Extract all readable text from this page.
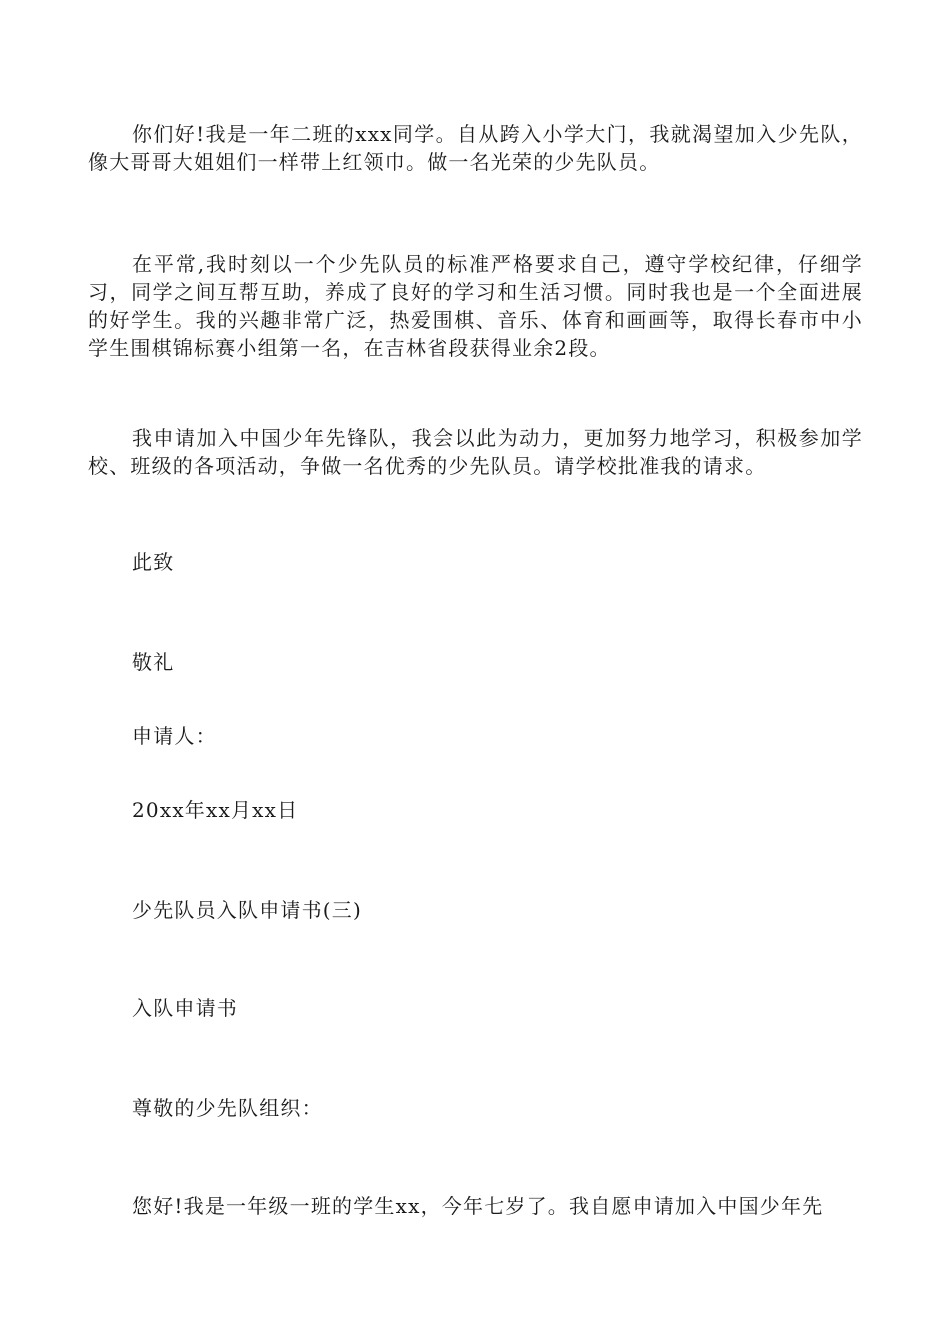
你们好!我是一年二班的xxx同学。自从跨入小学大门，我就渴望加入少先队，像大哥哥大姐姐们一样带上红领巾。做一名光荣的少先队员。

在平常,我时刻以一个少先队员的标准严格要求自己，遵守学校纪律，仔细学习，同学之间互帮互助，养成了良好的学习和生活习惯。同时我也是一个全面进展的好学生。我的兴趣非常广泛，热爱围棋、音乐、体育和画画等，取得长春市中小学生围棋锦标赛小组第一名，在吉林省段获得业余2段。

我申请加入中国少年先锋队，我会以此为动力，更加努力地学习，积极参加学校、班级的各项活动，争做一名优秀的少先队员。请学校批准我的请求。

此致

敬礼

申请人：

20xx年xx月xx日

少先队员入队申请书(三)

入队申请书

尊敬的少先队组织：

您好!我是一年级一班的学生xx，今年七岁了。我自愿申请加入中国少年先
